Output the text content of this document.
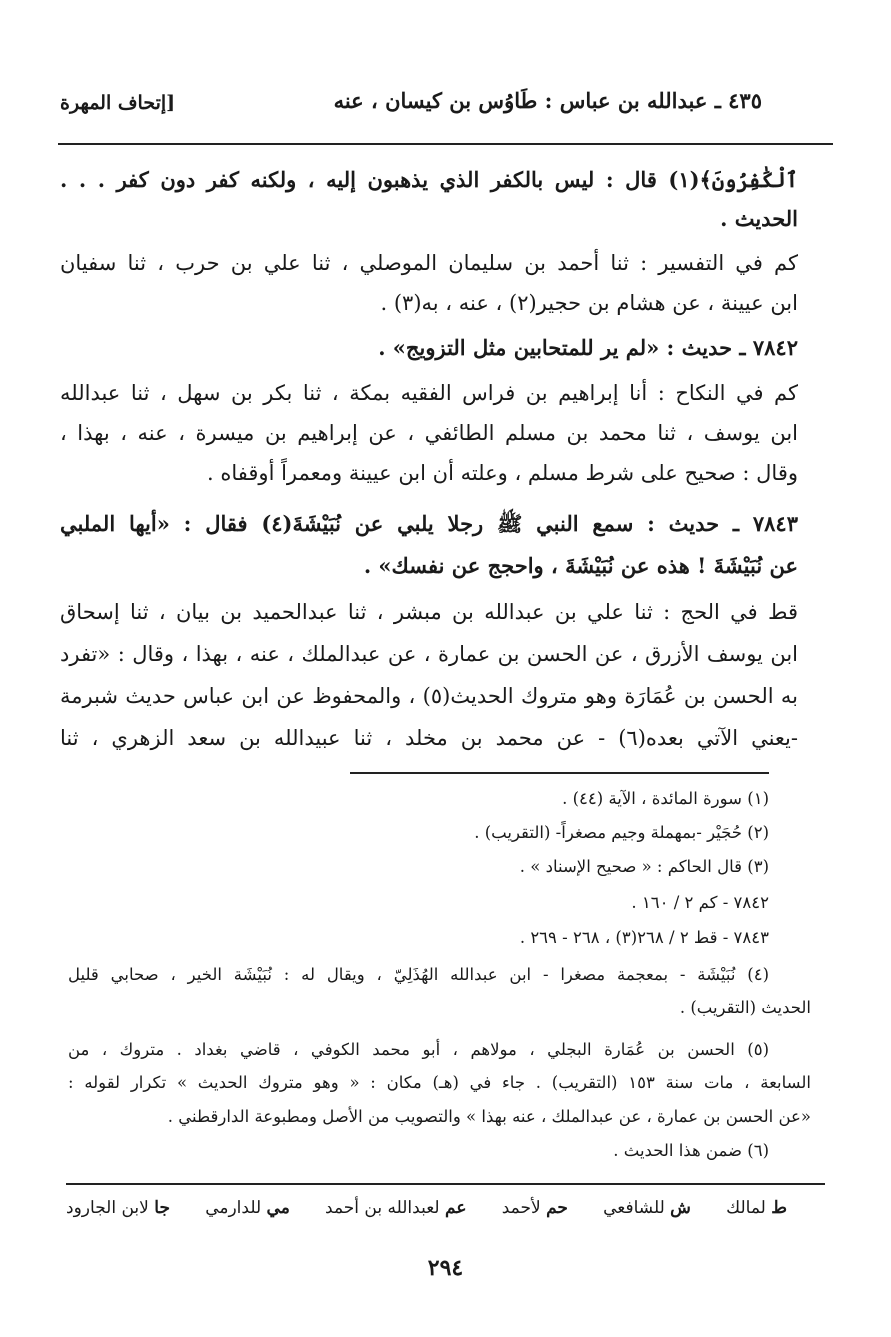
٤٣٥ ـ عبدالله بن عباس : طَاوُس بن كيسان ، عنه
[إتحاف المهرة
ٱلْكَٰفِرُونَ﴾(١) قال : ليس بالكفر الذي يذهبون إليه ، ولكنه كفر دون كفر . . .
الحديث .
كم في التفسير : ثنا أحمد بن سليمان الموصلي ، ثنا علي بن حرب ، ثنا سفيان
ابن عيينة ، عن هشام بن حجير(٢) ، عنه ، به(٣) .
٧٨٤٢ ـ حديث : «لم ير للمتحابين مثل التزويج» .
كم في النكاح : أنا إبراهيم بن فراس الفقيه بمكة ، ثنا بكر بن سهل ، ثنا عبدالله
ابن يوسف ، ثنا محمد بن مسلم الطائفي ، عن إبراهيم بن ميسرة ، عنه ، بهذا ،
وقال : صحيح على شرط مسلم ، وعلته أن ابن عيينة ومعمراً أوقفاه .
٧٨٤٣ ـ حديث : سمع النبي ﷺ رجلا يلبي عن نُبَيْشَةَ(٤) فقال : «أيها الملبي
عن نُبَيْشَةَ ! هذه عن نُبَيْشَةَ ، واحجج عن نفسك» .
قط في الحج : ثنا علي بن عبدالله بن مبشر ، ثنا عبدالحميد بن بيان ، ثنا إسحاق
ابن يوسف الأزرق ، عن الحسن بن عمارة ، عن عبدالملك ، عنه ، بهذا ، وقال : «تفرد
به الحسن بن عُمَارَة وهو متروك الحديث(٥) ، والمحفوظ عن ابن عباس حديث شبرمة
-يعني الآتي بعده(٦) - عن محمد بن مخلد ، ثنا عبيدالله بن سعد الزهري ، ثنا
(١) سورة المائدة ، الآية (٤٤) .
(٢) حُجَيْر -بمهملة وجيم مصغراً- (التقريب) .
(٣) قال الحاكم : « صحيح الإسناد » .
٧٨٤٢ - كم ٢ / ١٦٠ .
٧٨٤٣ - قط ٢ / ٢٦٨(٣) ، ٢٦٨ - ٢٦٩ .
(٤) نُبَيْشَة - بمعجمة مصغرا - ابن عبدالله الهُذَلِيّ ، ويقال له : نُبَيْشَة الخير ، صحابي قليل
الحديث (التقريب) .
(٥) الحسن بن عُمَارة البجلي ، مولاهم ، أبو محمد الكوفي ، قاضي بغداد . متروك ، من
السابعة ، مات سنة ١٥٣ (التقريب) . جاء في (هـ) مكان : « وهو متروك الحديث » تكرار لقوله :
«عن الحسن بن عمارة ، عن عبدالملك ، عنه بهذا » والتصويب من الأصل ومطبوعة الدارقطني .
(٦) ضمن هذا الحديث .
ط لمالك
ش للشافعي
حم لأحمد
عم لعبدالله بن أحمد
مي للدارمي
جا لابن الجارود
٢٩٤
